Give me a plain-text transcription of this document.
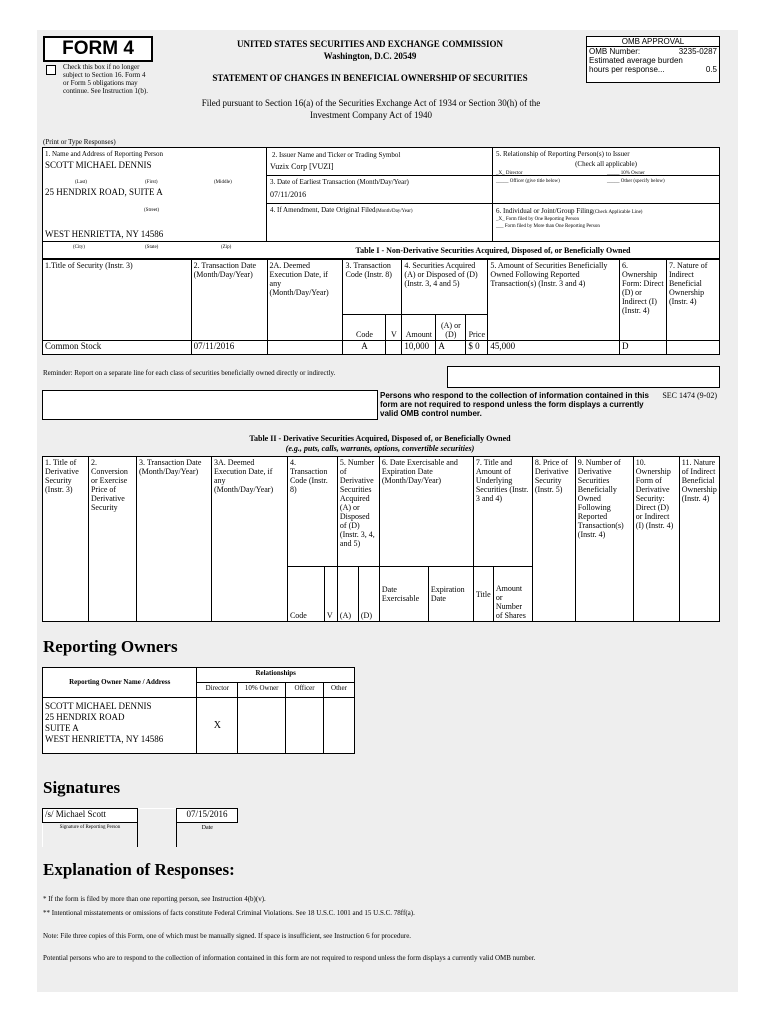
FORM 4
Check this box if no longer subject to Section 16. Form 4 or Form 5 obligations may continue. See Instruction 1(b).
UNITED STATES SECURITIES AND EXCHANGE COMMISSION
Washington, D.C. 20549
STATEMENT OF CHANGES IN BENEFICIAL OWNERSHIP OF SECURITIES
Filed pursuant to Section 16(a) of the Securities Exchange Act of 1934 or Section 30(h) of the
Investment Company Act of 1940
OMB APPROVAL
OMB Number:	3235-0287
Estimated average burden
hours per response...	0.5
(Print or Type Responses)
1. Name and Address of Reporting Person
SCOTT MICHAEL DENNIS
(Last)	(First)	(Middle)
25 HENDRIX ROAD, SUITE A
(Street)
WEST HENRIETTA, NY 14586
(City)	(State)	(Zip)
2. Issuer Name and Ticker or Trading Symbol
Vuzix Corp [VUZI]
3. Date of Earliest Transaction (Month/Day/Year)
07/11/2016
4. If Amendment, Date Original Filed(Month/Day/Year)
5. Relationship of Reporting Person(s) to Issuer
(Check all applicable)
_X_ Director	_____ 10% Owner
_____ Officer (give title below)	_____ Other (specify below)
6. Individual or Joint/Group Filing(Check Applicable Line)
_X_ Form filed by One Reporting Person
___ Form filed by More than One Reporting Person
Table I - Non-Derivative Securities Acquired, Disposed of, or Beneficially Owned
1.Title of Security (Instr. 3)	2. Transaction Date (Month/Day/Year)	2A. Deemed Execution Date, if any (Month/Day/Year)	3. Transaction Code (Instr. 8)		4. Securities Acquired (A) or Disposed of (D) (Instr. 3, 4 and 5)			5. Amount of Securities Beneficially Owned Following Reported Transaction(s) (Instr. 3 and 4)	6. Ownership Form: Direct (D) or Indirect (I) (Instr. 4)	7. Nature of Indirect Beneficial Ownership (Instr. 4)
			Code	V	Amount	(A) or (D)	Price			
Common Stock	07/11/2016		A		10,000	A	$ 0	45,000	D	
Reminder: Report on a separate line for each class of securities beneficially owned directly or indirectly.
Persons who respond to the collection of information contained in this form are not required to respond unless the form displays a currently valid OMB control number.
SEC 1474 (9-02)
Table II - Derivative Securities Acquired, Disposed of, or Beneficially Owned
(e.g., puts, calls, warrants, options, convertible securities)
1. Title of Derivative Security (Instr. 3)	2. Conversion or Exercise Price of Derivative Security	3. Transaction Date (Month/Day/Year)	3A. Deemed Execution Date, if any (Month/Day/Year)	4. Transaction Code (Instr. 8)		5. Number of Derivative Securities Acquired (A) or Disposed of (D) (Instr. 3, 4, and 5)		6. Date Exercisable and Expiration Date (Month/Day/Year)		7. Title and Amount of Underlying Securities (Instr. 3 and 4)		8. Price of Derivative Security (Instr. 5)	9. Number of Derivative Securities Beneficially Owned Following Reported Transaction(s) (Instr. 4)	10. Ownership Form of Derivative Security: Direct (D) or Indirect (I) (Instr. 4)	11. Nature of Indirect Beneficial Ownership (Instr. 4)
				Code	V	(A)	(D)	Date Exercisable	Expiration Date	Title	Amount or Number of Shares				
Reporting Owners
Reporting Owner Name / Address	Relationships			
	Director	10% Owner	Officer	Other

SCOTT MICHAEL DENNIS
25 HENDRIX ROAD
SUITE A
WEST HENRIETTA, NY 14586	X			
Signatures
/s/ Michael Scott		07/15/2016
Signature of Reporting Person		Date
Explanation of Responses:
* If the form is filed by more than one reporting person, see Instruction 4(b)(v).
** Intentional misstatements or omissions of facts constitute Federal Criminal Violations. See 18 U.S.C. 1001 and 15 U.S.C. 78ff(a).
Note: File three copies of this Form, one of which must be manually signed. If space is insufficient, see Instruction 6 for procedure.
Potential persons who are to respond to the collection of information contained in this form are not required to respond unless the form displays a currently valid OMB number.
